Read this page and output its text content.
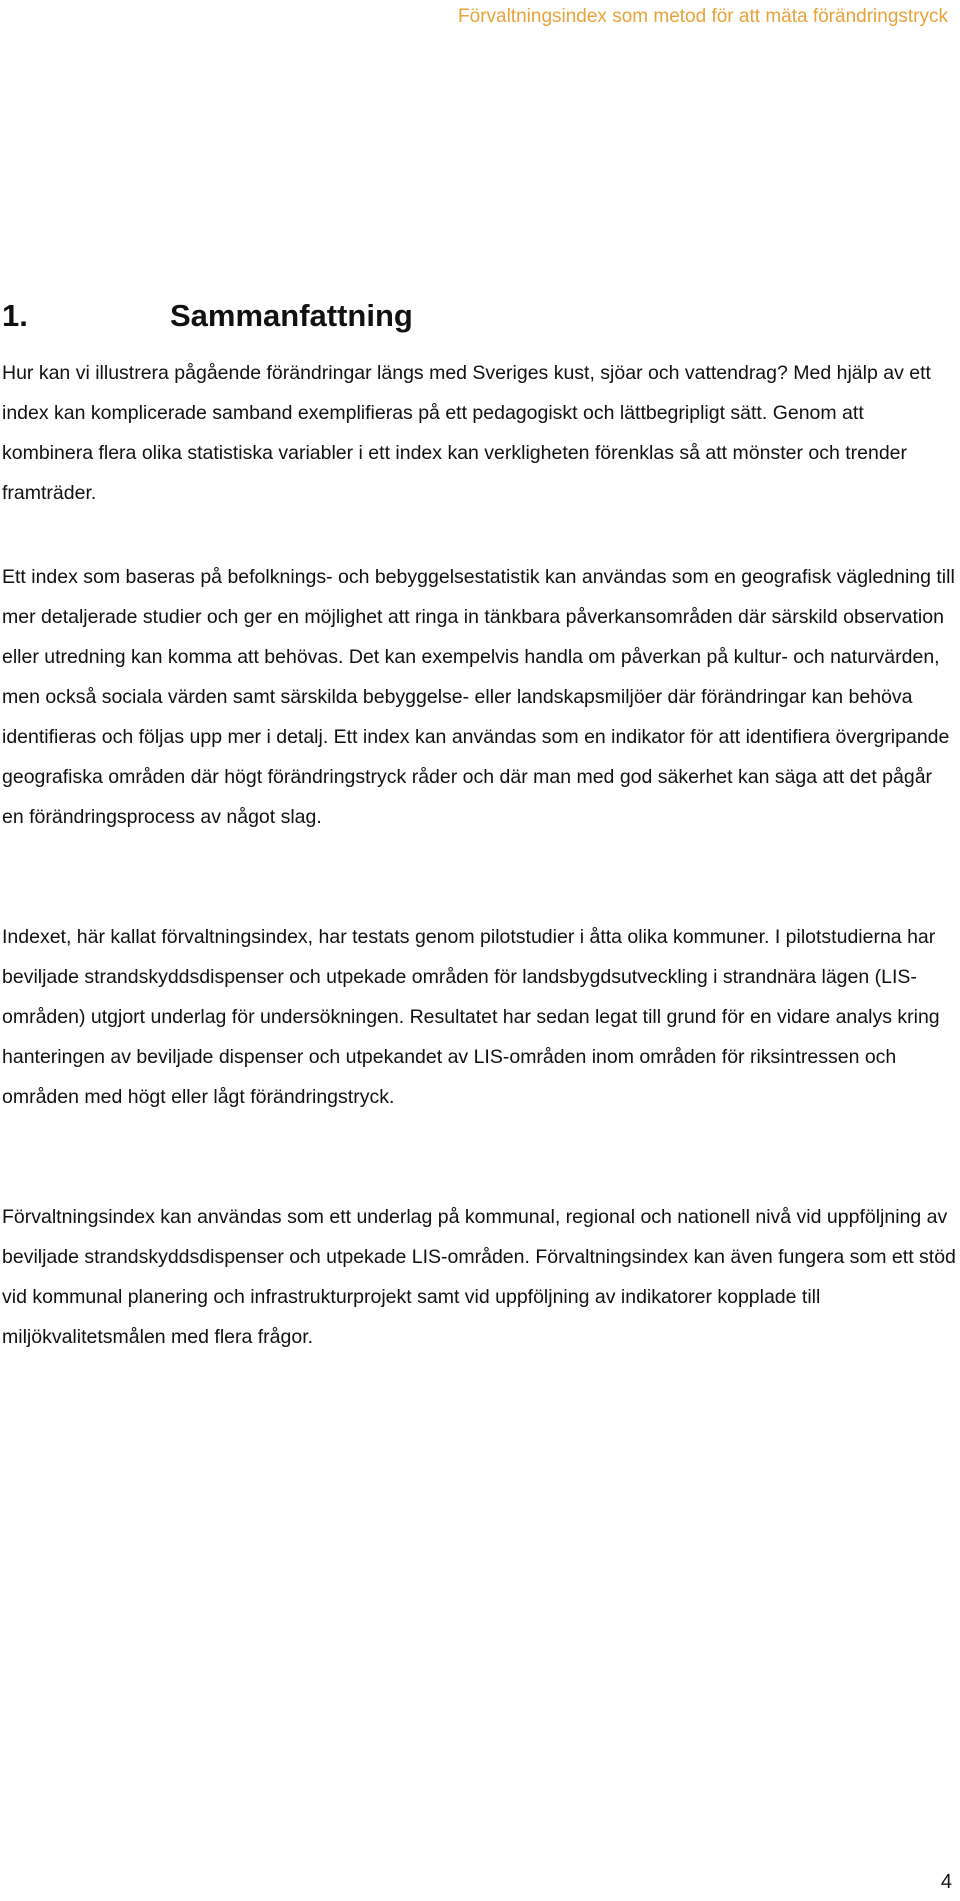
Förvaltningsindex som metod för att mäta förändringstryck
1.	Sammanfattning

Hur kan vi illustrera pågående förändringar längs med Sveriges kust, sjöar och vattendrag? Med hjälp av ett index kan komplicerade samband exemplifieras på ett pedagogiskt och lättbegripligt sätt. Genom att kombinera flera olika statistiska variabler i ett index kan verkligheten förenklas så att mönster och trender framträder.

Ett index som baseras på befolknings- och bebyggelsestatistik kan användas som en geografisk vägledning till mer detaljerade studier och ger en möjlighet att ringa in tänkbara påverkansområden där särskild observation eller utredning kan komma att behövas. Det kan exempelvis handla om påverkan på kultur- och naturvärden, men också sociala värden samt särskilda bebyggelse- eller landskapsmiljöer där förändringar kan behöva identifieras och följas upp mer i detalj. Ett index kan användas som en indikator för att identifiera övergripande geografiska områden där högt förändringstryck råder och där man med god säkerhet kan säga att det pågår en förändringsprocess av något slag.

Indexet, här kallat förvaltningsindex, har testats genom pilotstudier i åtta olika kommuner. I pilotstudierna har beviljade strandskyddsdispenser och utpekade områden för landsbygdsutveckling i strandnära lägen (LIS-områden) utgjort underlag för undersökningen. Resultatet har sedan legat till grund för en vidare analys kring hanteringen av beviljade dispenser och utpekandet av LIS-områden inom områden för riksintressen och områden med högt eller lågt förändringstryck.

Förvaltningsindex kan användas som ett underlag på kommunal, regional och nationell nivå vid uppföljning av beviljade strandskyddsdispenser och utpekade LIS-områden. Förvaltningsindex kan även fungera som ett stöd vid kommunal planering och infrastrukturprojekt samt vid uppföljning av indikatorer kopplade till miljökvalitetsmålen med flera frågor.

4
